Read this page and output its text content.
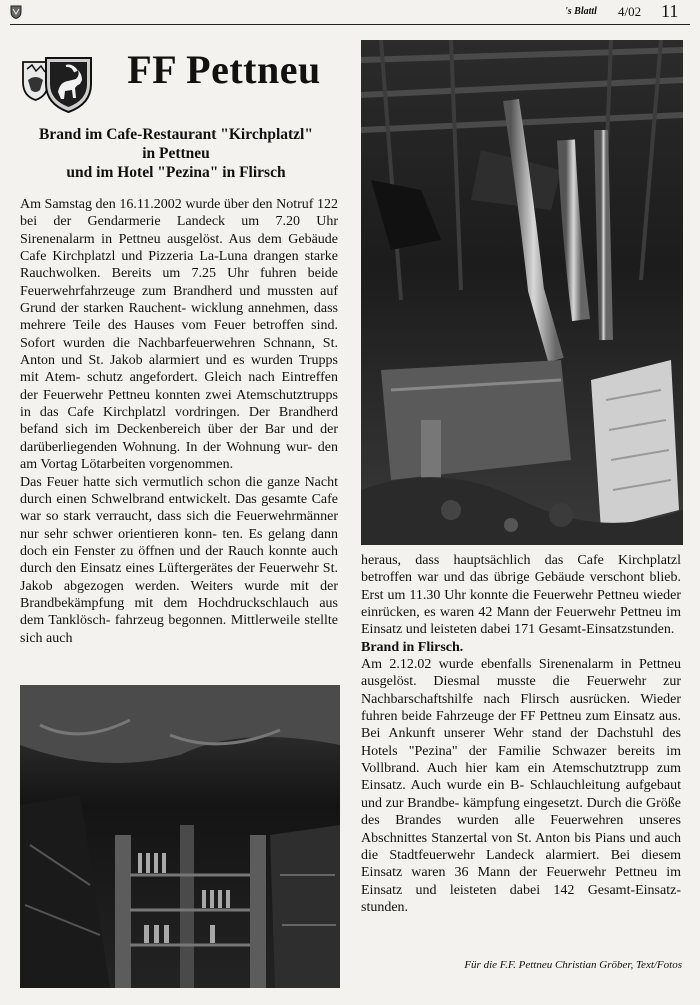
's Blattl 4/02 11
FF Pettneu
Brand im Cafe-Restaurant "Kirchplatzl"
in Pettneu
und im Hotel "Pezina" in Flirsch

Am Samstag den 16.11.2002 wurde über den Notruf 122 bei der Gendarmerie Landeck um 7.20 Uhr Sirenenalarm in Pettneu ausgelöst. Aus dem Gebäude Cafe Kirchplatzl und Pizzeria La-Luna drangen starke Rauchwolken. Bereits um 7.25 Uhr fuhren beide Feuerwehrfahrzeuge zum Brandherd und mussten auf Grund der starken Rauchent- wicklung annehmen, dass mehrere Teile des Hauses vom Feuer betroffen sind. Sofort wurden die Nachbarfeuerwehren Schnann, St. Anton und St. Jakob alarmiert und es wurden Trupps mit Atem- schutz angefordert. Gleich nach Eintreffen der Feuerwehr Pettneu konnten zwei Atemschutztrupps in das Cafe Kirchplatzl vordringen. Der Brandherd befand sich im Deckenbereich über der Bar und der darüberliegenden Wohnung. In der Wohnung wur- den am Vortag Lötarbeiten vorgenommen.

Das Feuer hatte sich vermutlich schon die ganze Nacht durch einen Schwelbrand entwickelt. Das gesamte Cafe war so stark verraucht, dass sich die Feuerwehrmänner nur sehr schwer orientieren konn- ten. Es gelang dann doch ein Fenster zu öffnen und der Rauch konnte auch durch den Einsatz eines Lüftergerätes der Feuerwehr St. Jakob abgezogen werden. Weiters wurde mit der Brandbekämpfung mit dem Hochdruckschlauch aus dem Tanklösch- fahrzeug begonnen. Mittlerweile stellte sich auch

heraus, dass hauptsächlich das Cafe Kirchplatzl betroffen war und das übrige Gebäude verschont blieb. Erst um 11.30 Uhr konnte die Feuerwehr Pettneu wieder einrücken, es waren 42 Mann der Feuerwehr Pettneu im Einsatz und leisteten dabei 171 Gesamt-Einsatzstunden.

Brand in Flirsch.

Am 2.12.02 wurde ebenfalls Sirenenalarm in Pettneu ausgelöst. Diesmal musste die Feuerwehr zur Nachbarschaftshilfe nach Flirsch ausrücken. Wieder fuhren beide Fahrzeuge der FF Pettneu zum Einsatz aus. Bei Ankunft unserer Wehr stand der Dachstuhl des Hotels "Pezina" der Familie Schwazer bereits im Vollbrand. Auch hier kam ein Atemschutztrupp zum Einsatz. Auch wurde ein B- Schlauchleitung aufgebaut und zur Brandbe- kämpfung eingesetzt. Durch die Größe des Brandes wurden alle Feuerwehren unseres Abschnittes Stanzertal von St. Anton bis Pians und auch die Stadtfeuerwehr Landeck alarmiert. Bei diesem Einsatz waren 36 Mann der Feuerwehr Pettneu im Einsatz und leisteten dabei 142 Gesamt-Einsatz- stunden.

Für die F.F. Pettneu Christian Gröber, Text/Fotos
